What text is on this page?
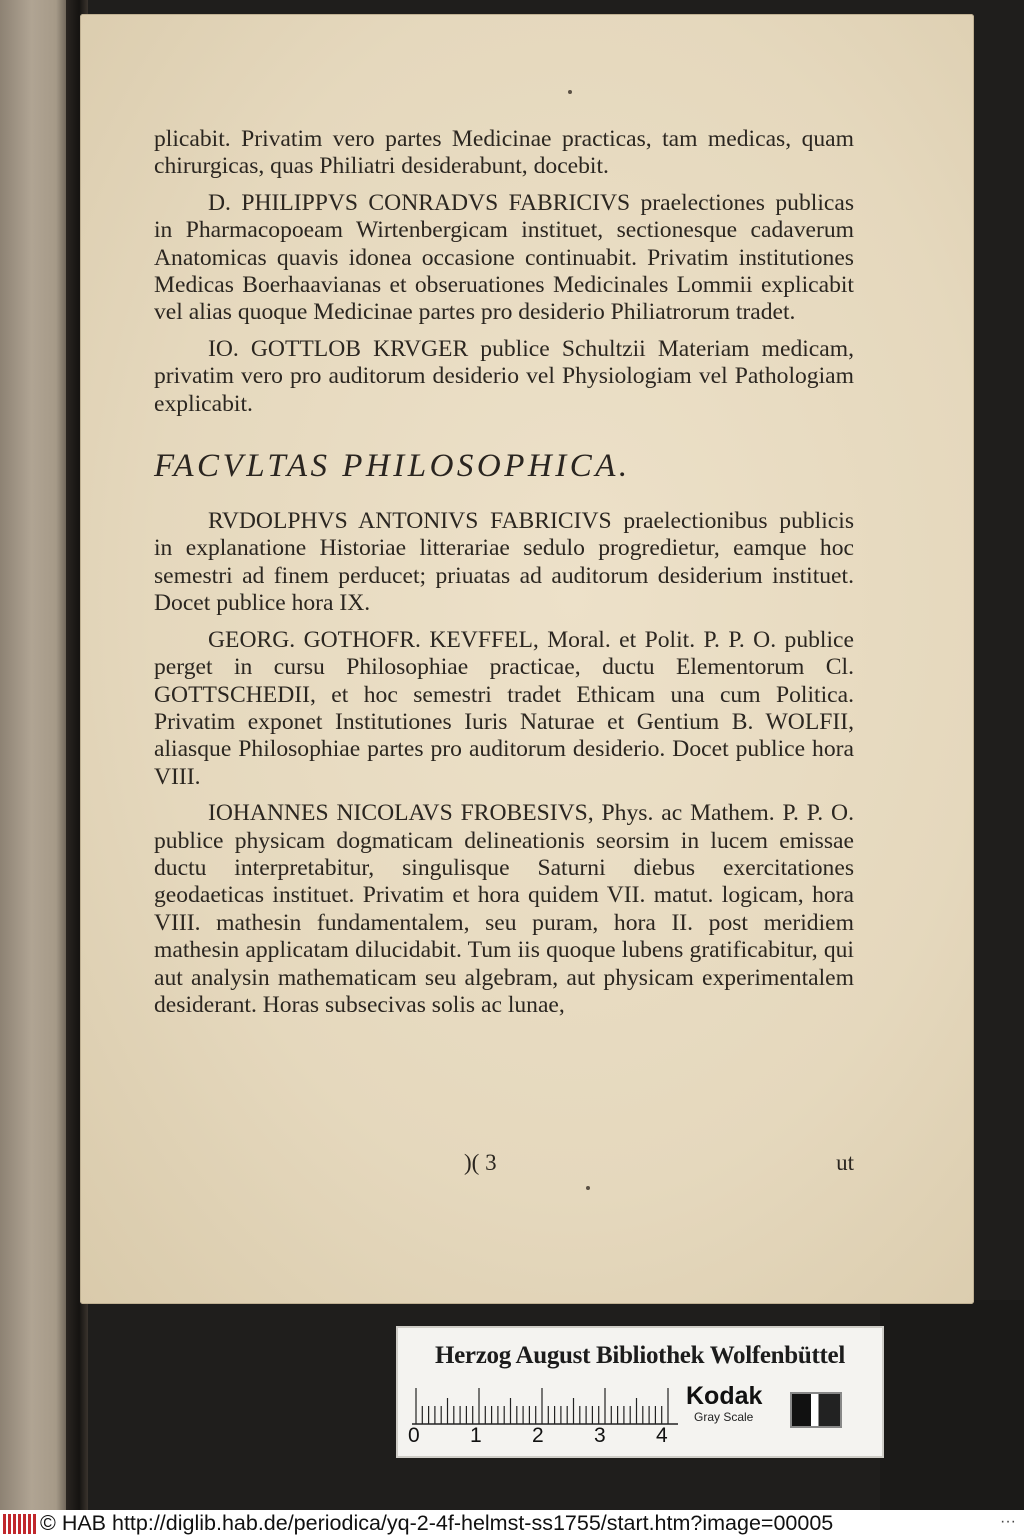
plicabit. Privatim vero partes Medicinae practicas, tam medicas, quam chirurgicas, quas Philiatri desiderabunt, docebit.

D. PHILIPPVS CONRADVS FABRICIVS praelectiones publicas in Pharmacopoeam Wirtenbergicam instituet, sectionesque cadaverum Anatomicas quavis idonea occasione continuabit. Privatim institutiones Medicas Boerhaavianas et obseruationes Medicinales Lommii explicabit vel alias quoque Medicinae partes pro desiderio Philiatrorum tradet.

IO. GOTTLOB KRVGER publice Schultzii Materiam medicam, privatim vero pro auditorum desiderio vel Physiologiam vel Pathologiam explicabit.

FACVLTAS PHILOSOPHICA.

RVDOLPHVS ANTONIVS FABRICIVS praelectionibus publicis in explanatione Historiae litterariae sedulo progredietur, eamque hoc semestri ad finem perducet; priuatas ad auditorum desiderium instituet. Docet publice hora IX.

GEORG. GOTHOFR. KEVFFEL, Moral. et Polit. P. P. O. publice perget in cursu Philosophiae practicae, ductu Elementorum Cl. GOTTSCHEDII, et hoc semestri tradet Ethicam una cum Politica. Privatim exponet Institutiones Iuris Naturae et Gentium B. WOLFII, aliasque Philosophiae partes pro auditorum desiderio. Docet publice hora VIII.

IOHANNES NICOLAVS FROBESIVS, Phys. ac Mathem. P. P. O. publice physicam dogmaticam delineationis seorsim in lucem emissae ductu interpretabitur, singulisque Saturni diebus exercitationes geodaeticas instituet. Privatim et hora quidem VII. matut. logicam, hora VIII. mathesin fundamentalem, seu puram, hora II. post meridiem mathesin applicatam dilucidabit. Tum iis quoque lubens gratificabitur, qui aut analysin mathematicam seu algebram, aut physicam experimentalem desiderant. Horas subsecivas solis ac lunae,

)( 3	ut
Herzog August Bibliothek Wolfenbüttel
0 1 2 3 4
Kodak
Gray Scale
© HAB http://diglib.hab.de/periodica/yq-2-4f-helmst-ss1755/start.htm?image=00005	···
